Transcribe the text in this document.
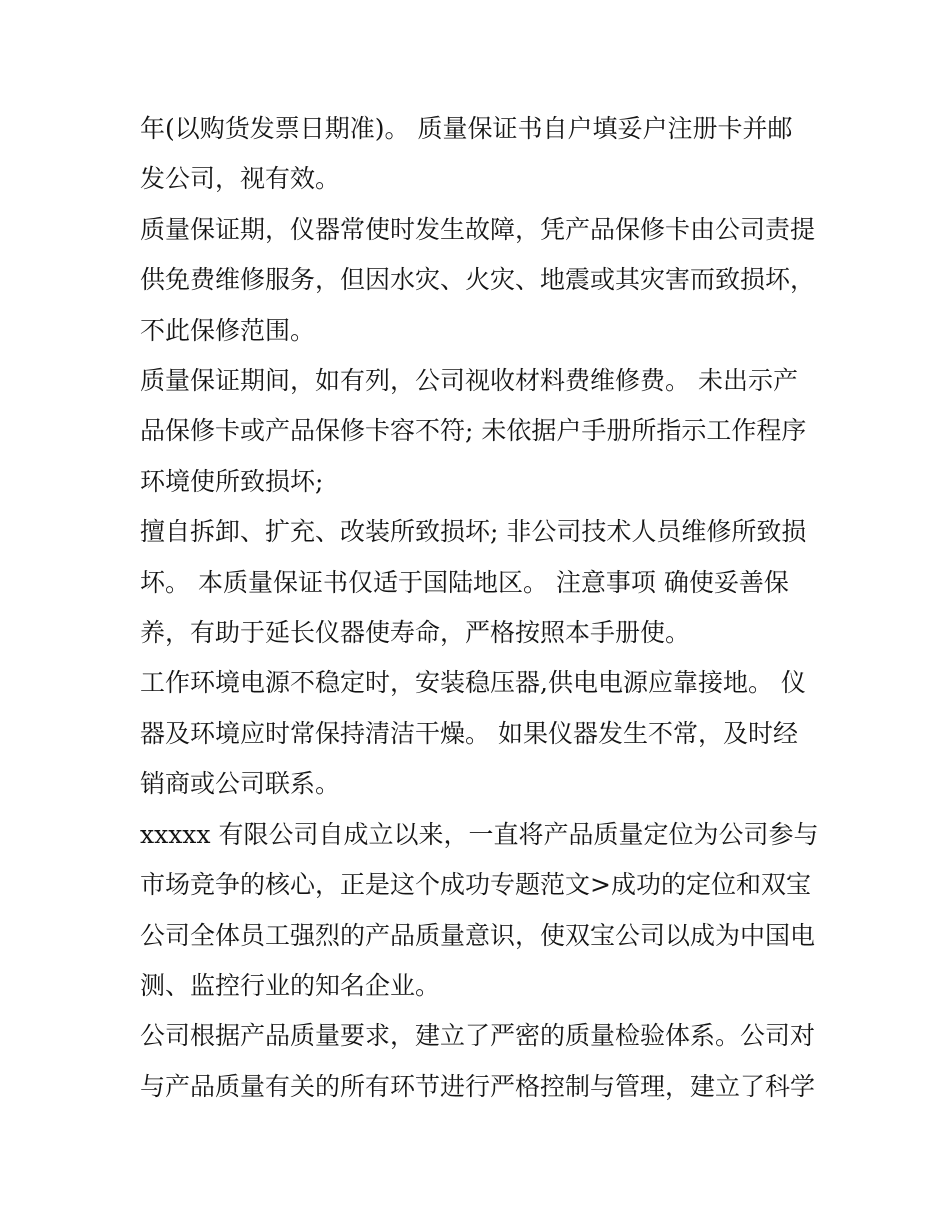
年(以购货发票日期准)。 质量保证书自户填妥户注册卡并邮
发公司，视有效。

质量保证期，仪器常使时发生故障，凭产品保修卡由公司责提
供免费维修服务，但因水灾、火灾、地震或其灾害而致损坏，
不此保修范围。

质量保证期间，如有列，公司视收材料费维修费。 未出示产
品保修卡或产品保修卡容不符; 未依据户手册所指示工作程序
环境使所致损坏;

擅自拆卸、扩充、改装所致损坏; 非公司技术人员维修所致损
坏。 本质量保证书仅适于国陆地区。 注意事项 确使妥善保
养，有助于延长仪器使寿命，严格按照本手册使。

工作环境电源不稳定时，安装稳压器,供电电源应靠接地。 仪
器及环境应时常保持清洁干燥。 如果仪器发生不常，及时经
销商或公司联系。

xxxxx 有限公司自成立以来，一直将产品质量定位为公司参与
市场竞争的核心，正是这个成功专题范文>成功的定位和双宝
公司全体员工强烈的产品质量意识，使双宝公司以成为中国电
测、监控行业的知名企业。

公司根据产品质量要求，建立了严密的质量检验体系。公司对
与产品质量有关的所有环节进行严格控制与管理，建立了科学
